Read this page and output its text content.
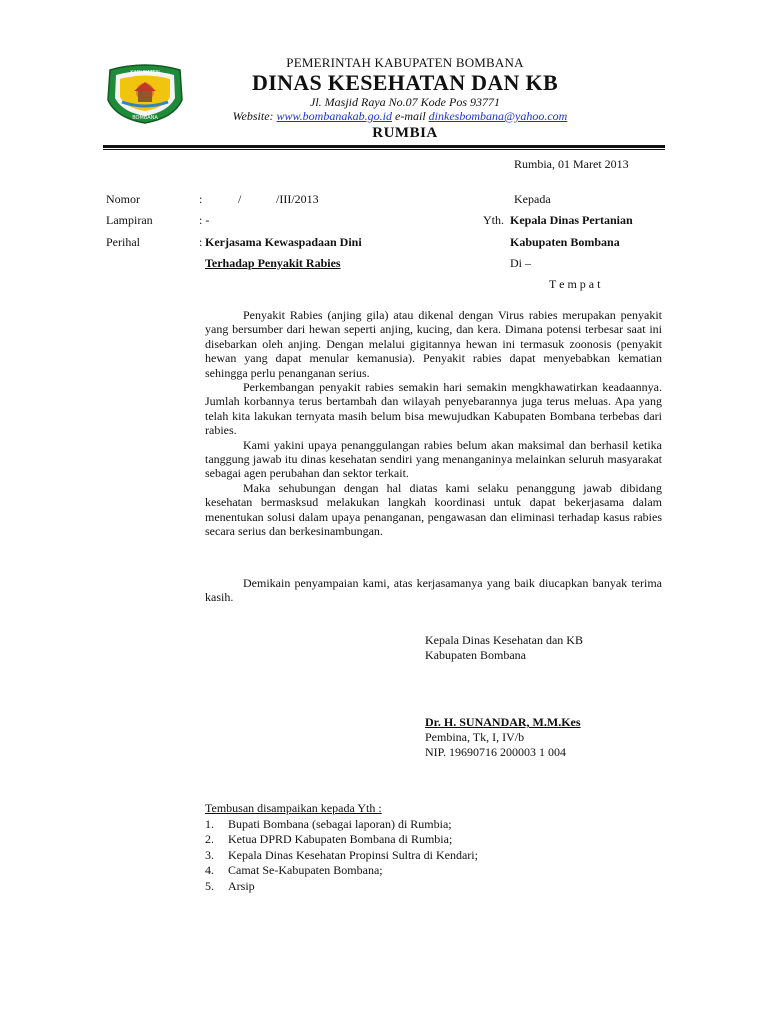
KABUPATEN
BOMBANA
PEMERINTAH KABUPATEN BOMBANA
DINAS KESEHATAN DAN KB
Jl. Masjid Raya No.07 Kode Pos 93771
Website: www.bombanakab.go.id e-mail dinkesbombana@yahoo.com
RUMBIA
Rumbia, 01 Maret 2013
Nomor	:	/	/III/2013
Lampiran	: -
Perihal	: Kerjasama Kewaspadaan Dini
Terhadap Penyakit Rabies
Kepada
Yth. Kepala Dinas Pertanian
Kabupaten Bombana
Di –
T e m p a t

Penyakit Rabies (anjing gila) atau dikenal dengan Virus rabies merupakan penyakit yang bersumber dari hewan seperti anjing, kucing, dan kera. Dimana potensi terbesar saat ini disebarkan oleh anjing. Dengan melalui gigitannya hewan ini termasuk zoonosis (penyakit hewan yang dapat menular kemanusia). Penyakit rabies dapat menyebabkan kematian sehingga perlu penanganan serius.

Perkembangan penyakit rabies semakin hari semakin mengkhawatirkan keadaannya. Jumlah korbannya terus bertambah dan wilayah penyebarannya juga terus meluas. Apa yang telah kita lakukan ternyata masih belum bisa mewujudkan Kabupaten Bombana terbebas dari rabies.

Kami yakini upaya penanggulangan rabies belum akan maksimal dan berhasil ketika tanggung jawab itu dinas kesehatan sendiri yang menanganinya melainkan seluruh masyarakat sebagai agen perubahan dan sektor terkait.

Maka sehubungan dengan hal diatas kami selaku penanggung jawab dibidang kesehatan bermasksud melakukan langkah koordinasi untuk dapat bekerjasama dalam menentukan solusi dalam upaya penanganan, pengawasan dan eliminasi terhadap kasus rabies secara serius dan berkesinambungan.

Demikain penyampaian kami, atas kerjasamanya yang baik diucapkan banyak terima kasih.
Kepala Dinas Kesehatan dan KB
Kabupaten Bombana
Dr. H. SUNANDAR, M.M.Kes
Pembina, Tk, I, IV/b
NIP. 19690716 200003 1 004
Tembusan disampaikan kepada Yth :
1.	Bupati Bombana (sebagai laporan) di Rumbia;
2.	Ketua DPRD Kabupaten Bombana di Rumbia;
3.	Kepala Dinas Kesehatan Propinsi Sultra di Kendari;
4.	Camat Se-Kabupaten Bombana;
5.	Arsip
